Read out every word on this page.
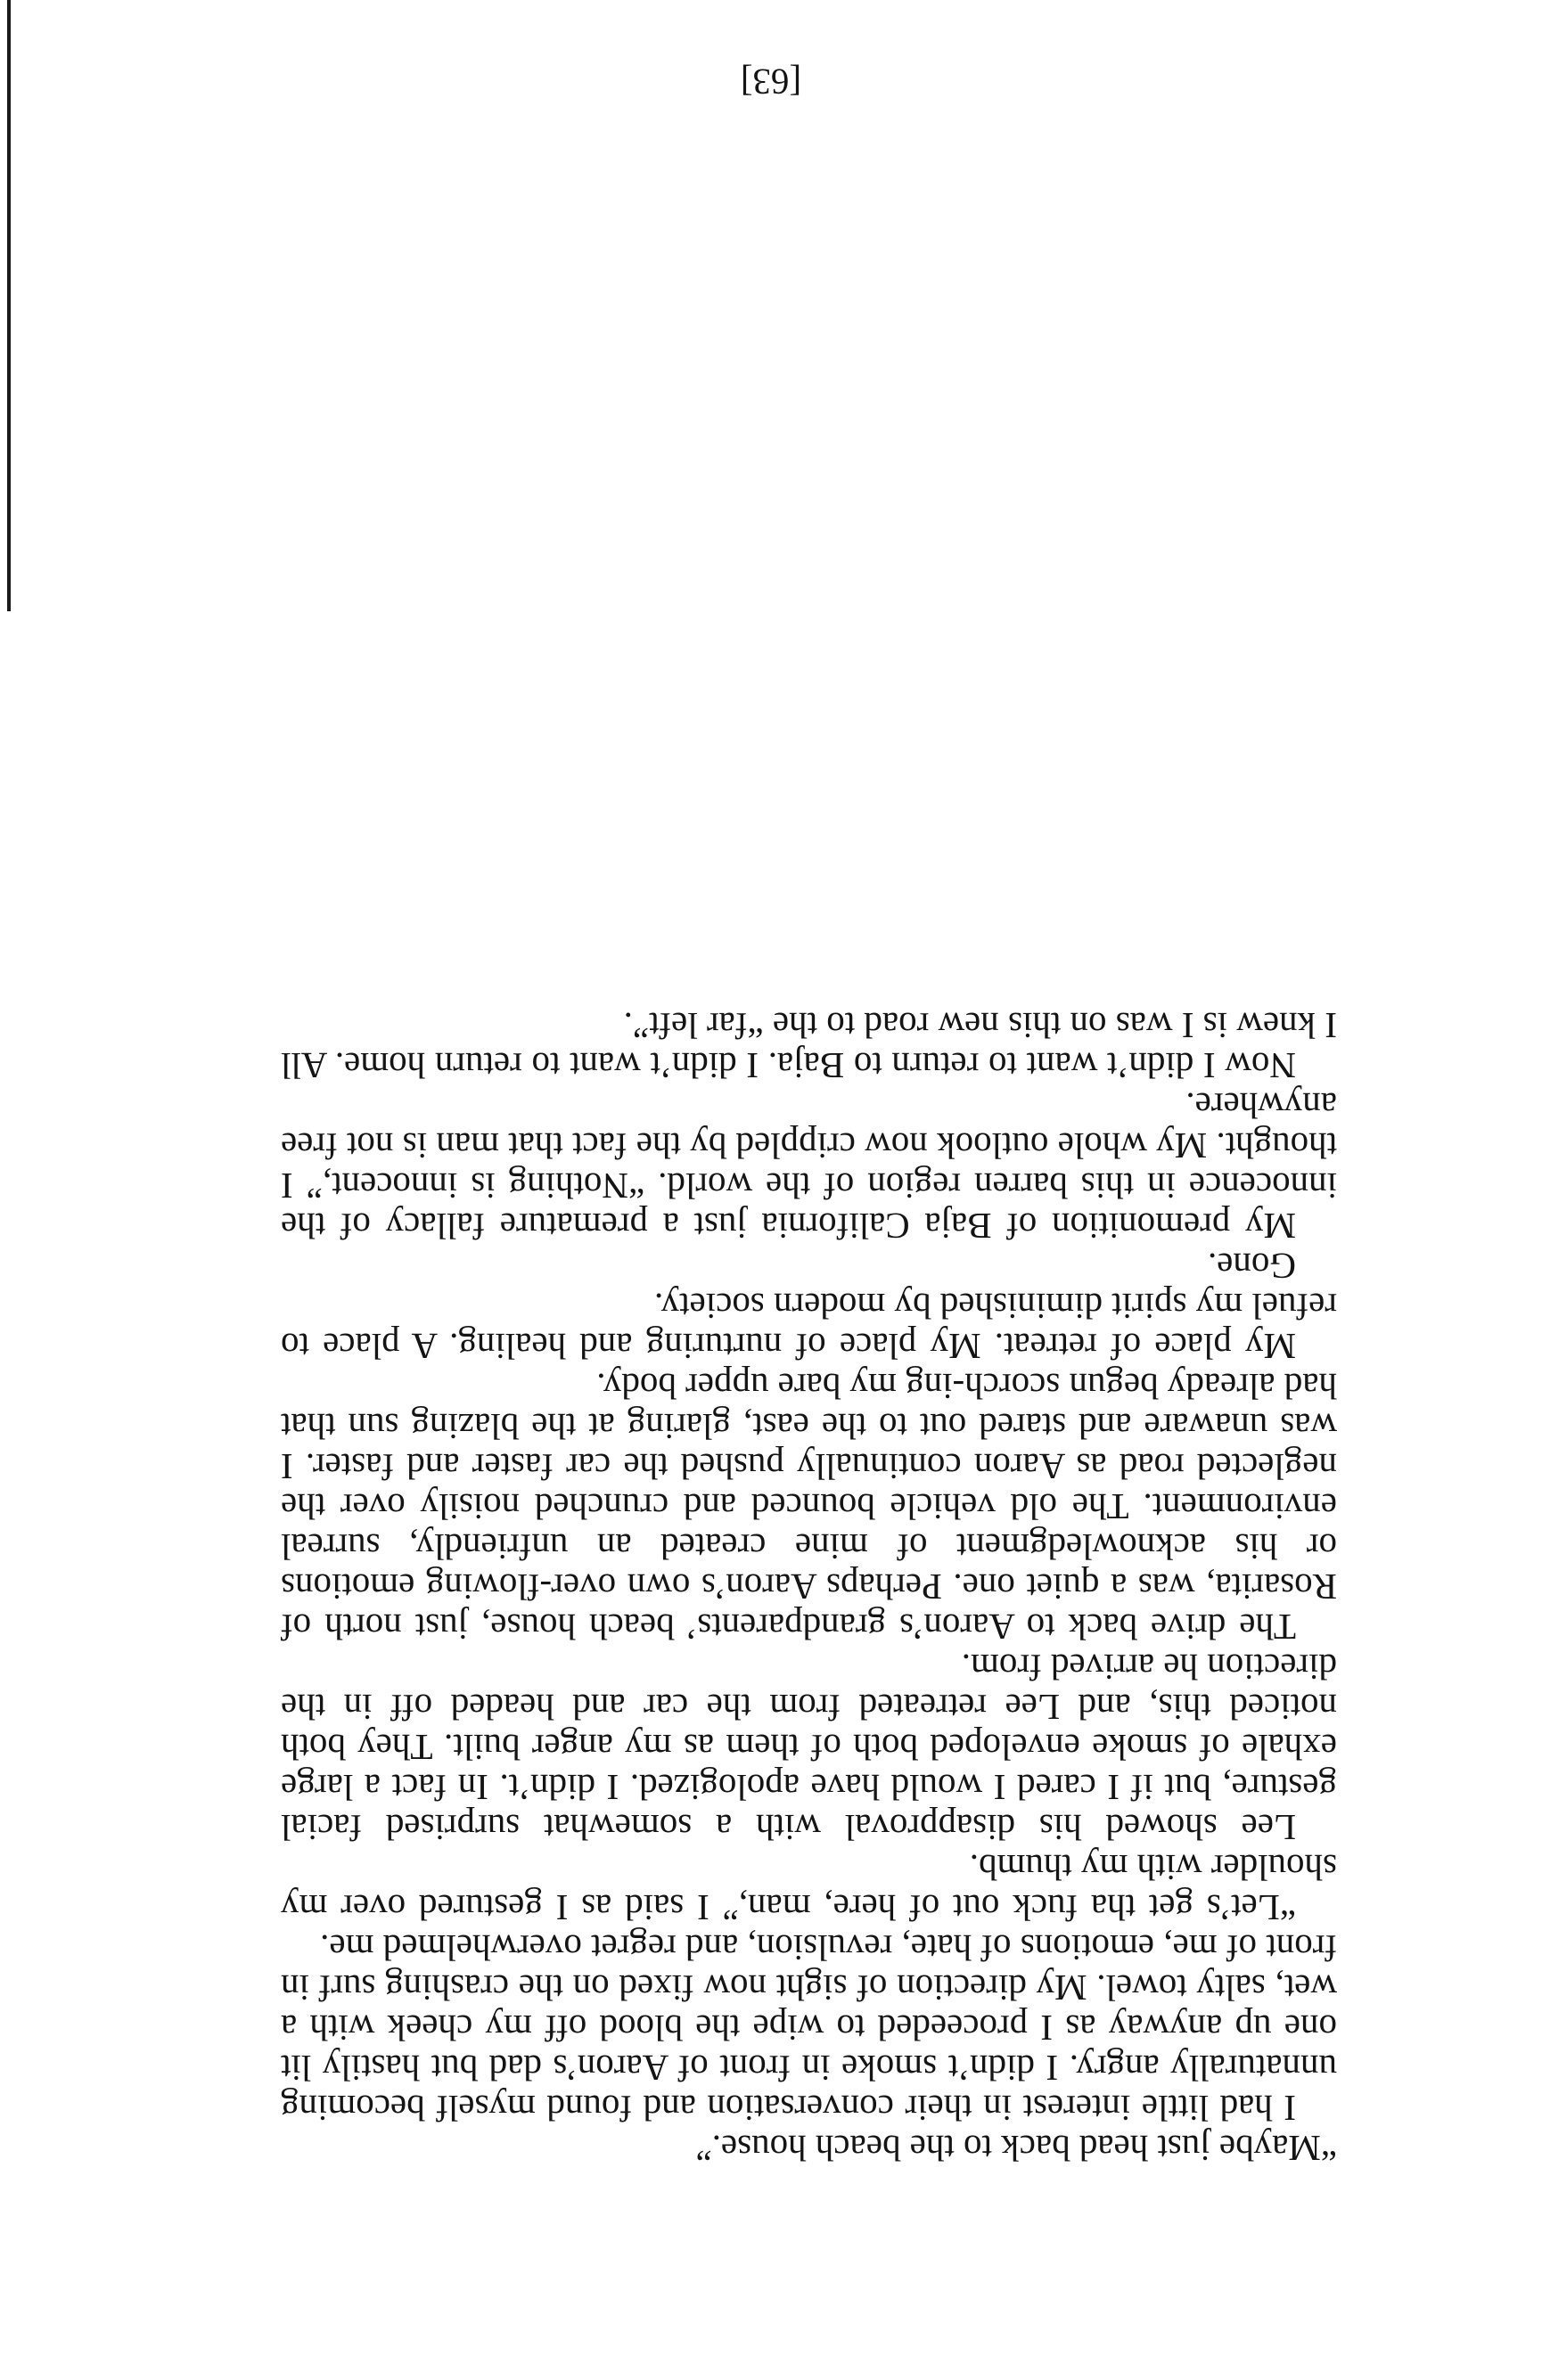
“Maybe just head back to the beach house.”

I had little interest in their conversation and found myself becoming unnaturally angry. I didn’t smoke in front of Aaron’s dad but hastily lit one up anyway as I proceeded to wipe the blood off my cheek with a wet, salty towel. My direction of sight now fixed on the crashing surf in front of me, emotions of hate, revulsion, and regret overwhelmed me.

“Let’s get tha fuck out of here, man,” I said as I gestured over my shoulder with my thumb.

Lee showed his disapproval with a somewhat surprised facial gesture, but if I cared I would have apologized. I didn’t. In fact a large exhale of smoke enveloped both of them as my anger built. They both noticed this, and Lee retreated from the car and headed off in the direction he arrived from.

The drive back to Aaron’s grandparents’ beach house, just north of Rosarita, was a quiet one. Perhaps Aaron’s own over-flowing emotions or his acknowledgment of mine created an unfriendly, surreal environment. The old vehicle bounced and crunched noisily over the neglected road as Aaron continually pushed the car faster and faster. I was unaware and stared out to the east, glaring at the blazing sun that had already begun scorch-ing my bare upper body.

My place of retreat. My place of nurturing and healing. A place to refuel my spirit diminished by modern society.

Gone.

My premonition of Baja California just a premature fallacy of the innocence in this barren region of the world. “Nothing is innocent,” I thought. My whole outlook now crippled by the fact that man is not free anywhere.

Now I didn’t want to return to Baja. I didn’t want to return home. All I knew is I was on this new road to the “far left”.

[63]
